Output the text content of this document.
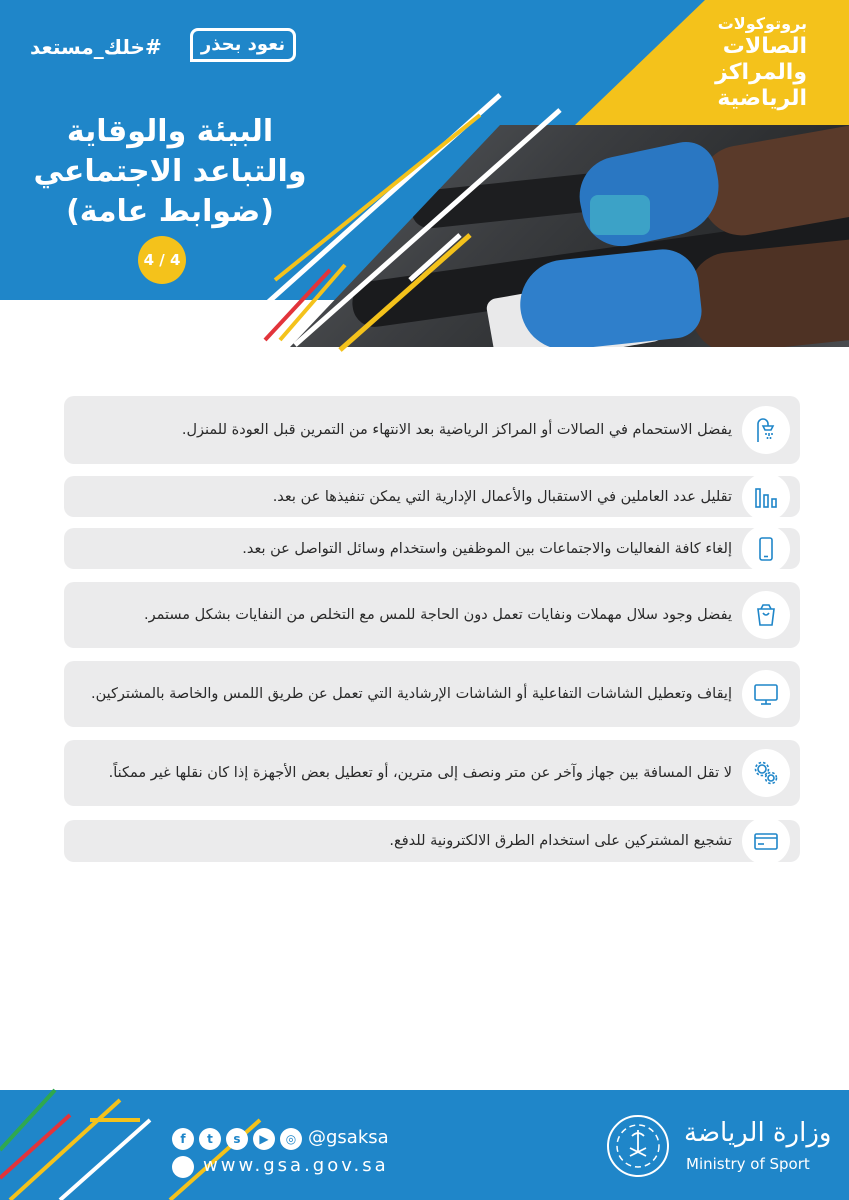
بروتوكولات
الصالات
والمراكز
الرياضية
#خلك_مستعد	نعود بحذر
البيئة والوقاية
والتباعد الاجتماعي
(ضوابط عامة)
4 / 4
يفضل الاستحمام في الصالات أو المراكز الرياضية بعد الانتهاء من التمرين قبل العودة للمنزل.
تقليل عدد العاملين في الاستقبال والأعمال الإدارية التي يمكن تنفيذها عن بعد.
إلغاء كافة الفعاليات والاجتماعات بين الموظفين واستخدام وسائل التواصل عن بعد.
يفضل وجود سلال مهملات ونفايات تعمل دون الحاجة للمس مع التخلص من النفايات بشكل مستمر.
إيقاف وتعطيل الشاشات التفاعلية أو الشاشات الإرشادية التي تعمل عن طريق اللمس والخاصة بالمشتركين.
لا تقل المسافة بين جهاز وآخر عن متر ونصف إلى مترين، أو تعطيل بعض الأجهزة إذا كان نقلها غير ممكناً.
تشجيع المشتركين على استخدام الطرق الالكترونية للدفع.
f	t	s	▶	◎ @gsaksa
www.gsa.gov.sa
وزارة الرياضة
Ministry of Sport
